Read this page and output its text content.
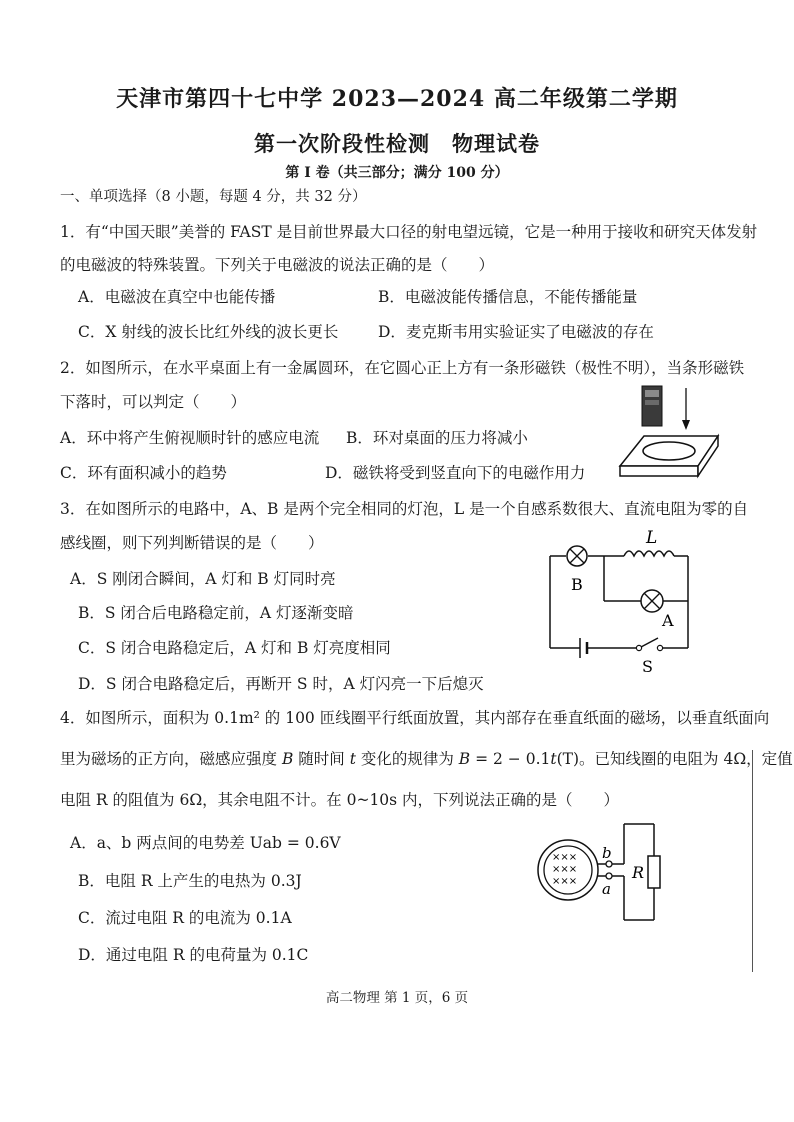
天津市第四十七中学 2023—2024 高二年级第二学期
第一次阶段性检测　物理试卷
第 I 卷（共三部分；满分 100 分）
一、单项选择（8 小题，每题 4 分，共 32 分）
1．有“中国天眼”美誉的 FAST 是目前世界最大口径的射电望远镜，它是一种用于接收和研究天体发射
的电磁波的特殊装置。下列关于电磁波的说法正确的是（　　）
A．电磁波在真空中也能传播	B．电磁波能传播信息，不能传播能量
C．X 射线的波长比红外线的波长更长	D．麦克斯韦用实验证实了电磁波的存在
2．如图所示，在水平桌面上有一金属圆环，在它圆心正上方有一条形磁铁（极性不明），当条形磁铁
下落时，可以判定（　　）
A．环中将产生俯视顺时针的感应电流 B．环对桌面的压力将减小
C．环有面积减小的趋势	D．磁铁将受到竖直向下的电磁作用力
3．在如图所示的电路中，A、B 是两个完全相同的灯泡，L 是一个自感系数很大、直流电阻为零的自
感线圈，则下列判断错误的是（　　）
A．S 刚闭合瞬间，A 灯和 B 灯同时亮
B．S 闭合后电路稳定前，A 灯逐渐变暗
C．S 闭合电路稳定后，A 灯和 B 灯亮度相同
D．S 闭合电路稳定后，再断开 S 时，A 灯闪亮一下后熄灭
L
B
A
S
4．如图所示，面积为 0.1m² 的 100 匝线圈平行纸面放置，其内部存在垂直纸面的磁场，以垂直纸面向
里为磁场的正方向，磁感应强度 B 随时间 t 变化的规律为 B = 2 − 0.1t(T)。已知线圈的电阻为 4Ω，定值
电阻 R 的阻值为 6Ω，其余电阻不计。在 0~10s 内，下列说法正确的是（　　）
A．a、b 两点间的电势差 Uab = 0.6V
B．电阻 R 上产生的电热为 0.3J
C．流过电阻 R 的电流为 0.1A
D．通过电阻 R 的电荷量为 0.1C
×××
×××
×××
b
a
R
高二物理 第 1 页，6 页
